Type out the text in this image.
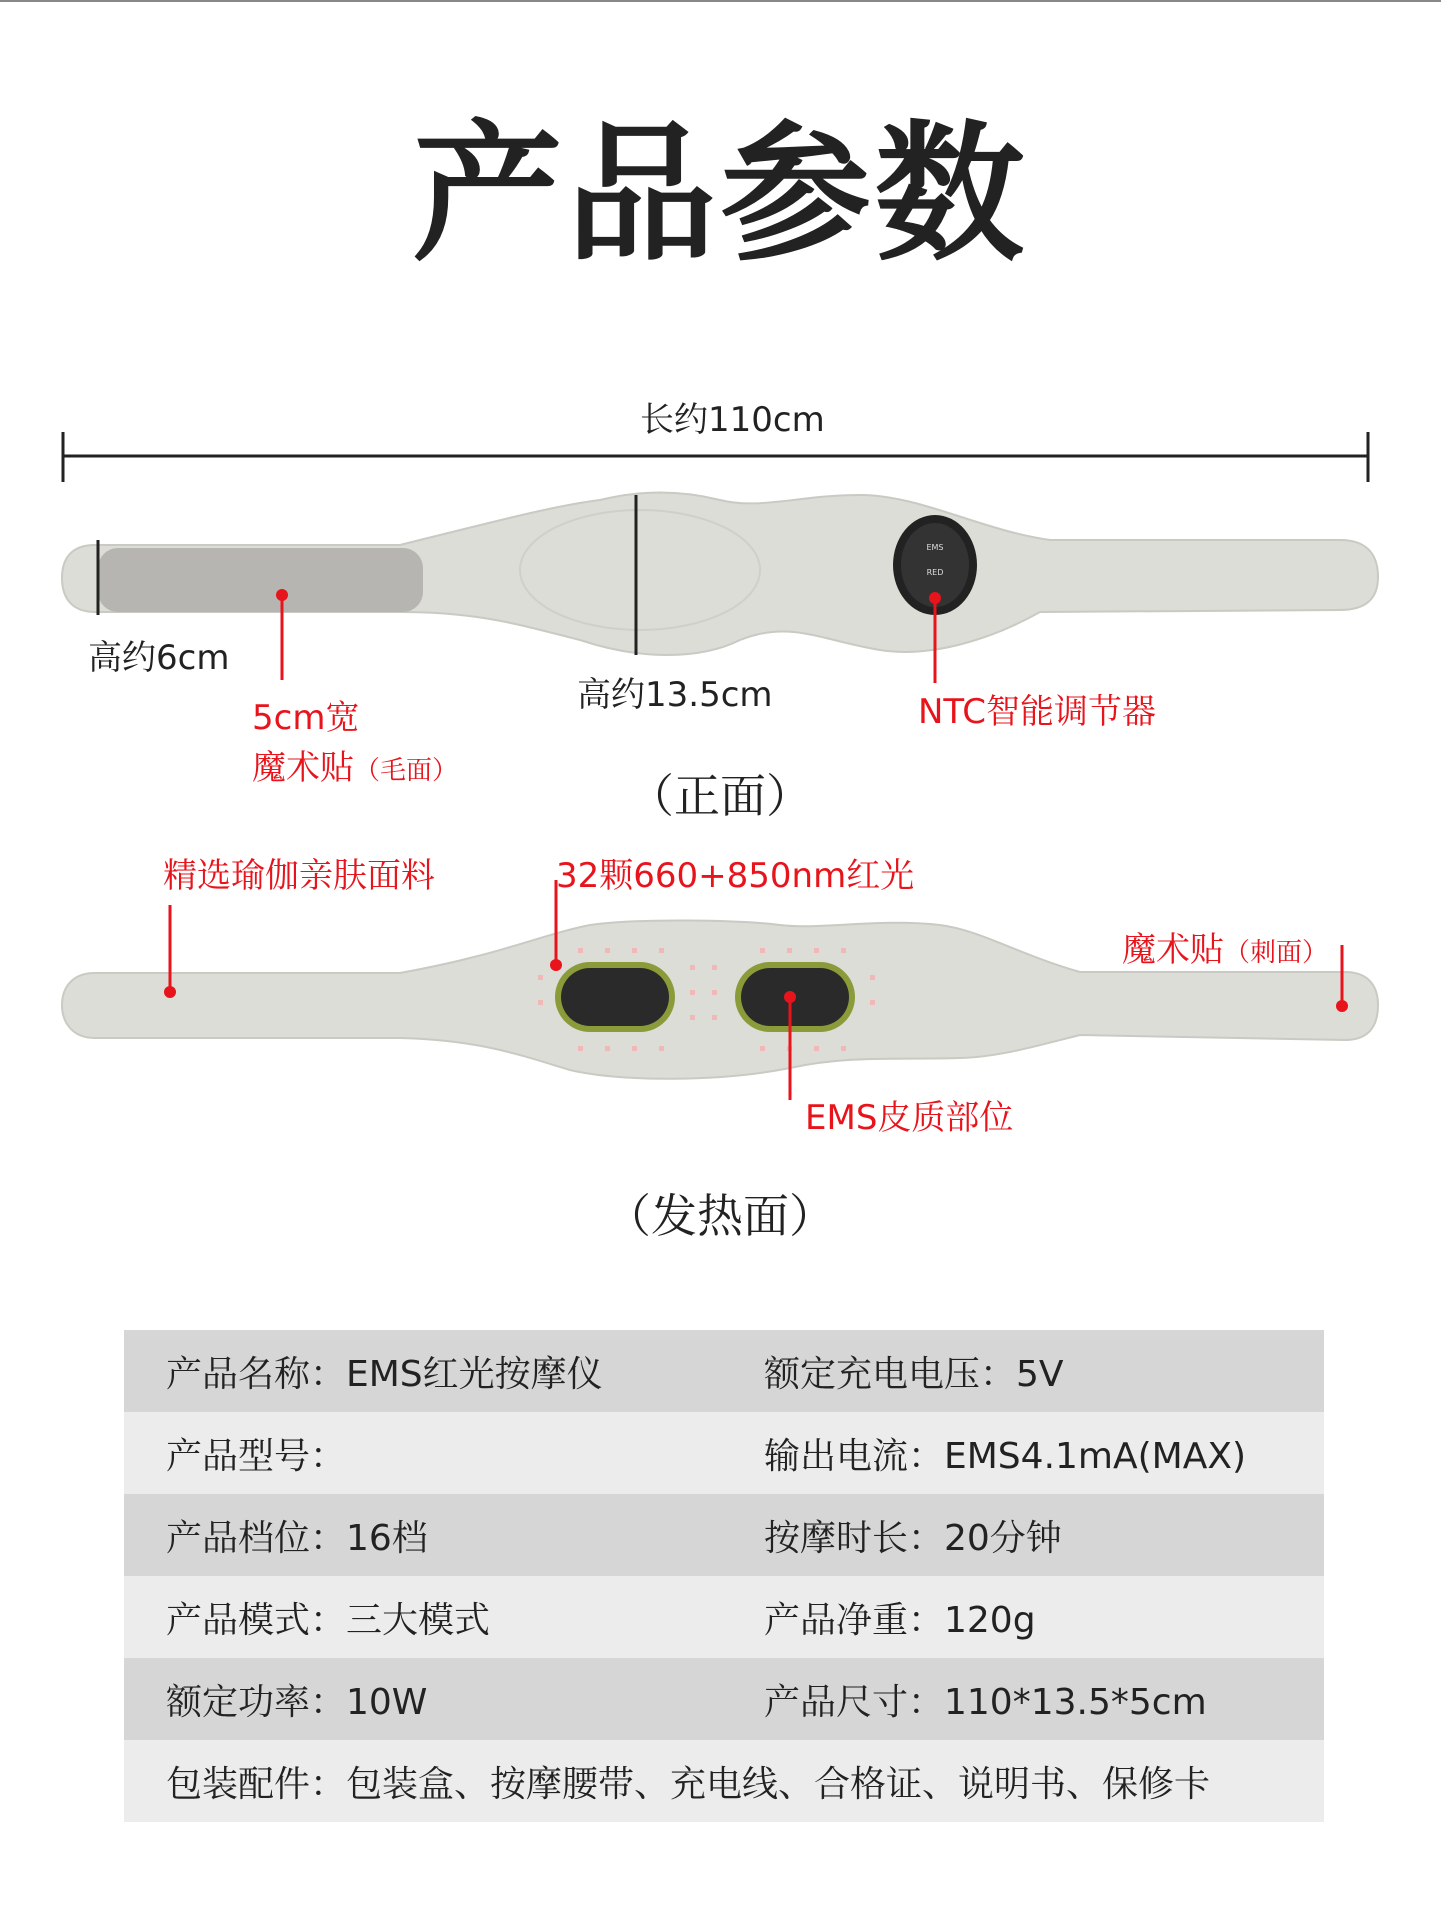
产品参数
EMS
RED
长约110cm
高约6cm
高约13.5cm
5cm宽
魔术贴（毛面）
NTC智能调节器
（正面）
精选瑜伽亲肤面料	32颗660+850nm红光
魔术贴（刺面）
EMS皮质部位
（发热面）
产品名称：EMS红光按摩仪	额定充电电压：5V
产品型号：	输出电流：EMS4.1mA(MAX)
产品档位：16档	按摩时长：20分钟
产品模式：三大模式	产品净重：120g
额定功率：10W	产品尺寸：110*13.5*5cm
包装配件：包装盒、按摩腰带、充电线、合格证、说明书、保修卡
